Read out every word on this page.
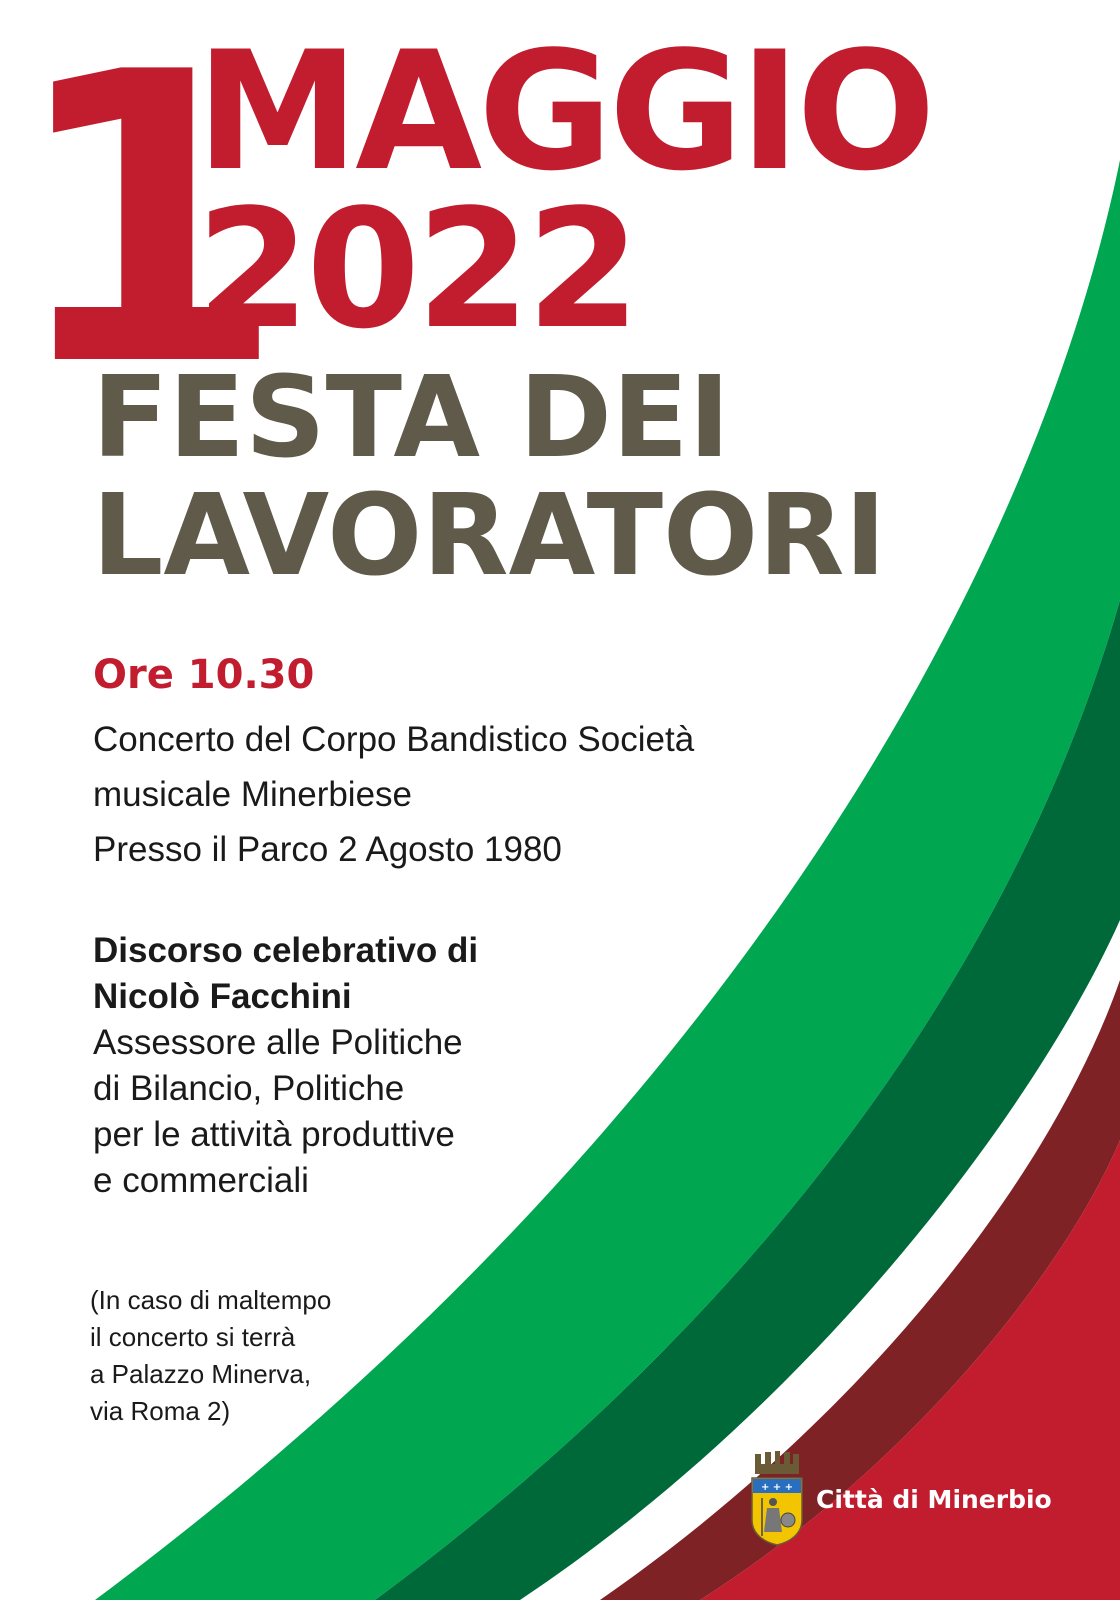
1
MAGGIO
2022
FESTA DEI
LAVORATORI
Ore 10.30
Concerto del Corpo Bandistico Società
musicale Minerbiese
Presso il Parco 2 Agosto 1980
Discorso celebrativo di
Nicolò Facchini
Assessore alle Politiche
di Bilancio, Politiche
per le attività produttive
e commerciali
(In caso di maltempo
il concerto si terrà
a Palazzo Minerva,
via Roma 2)
+ + + Città di Minerbio
